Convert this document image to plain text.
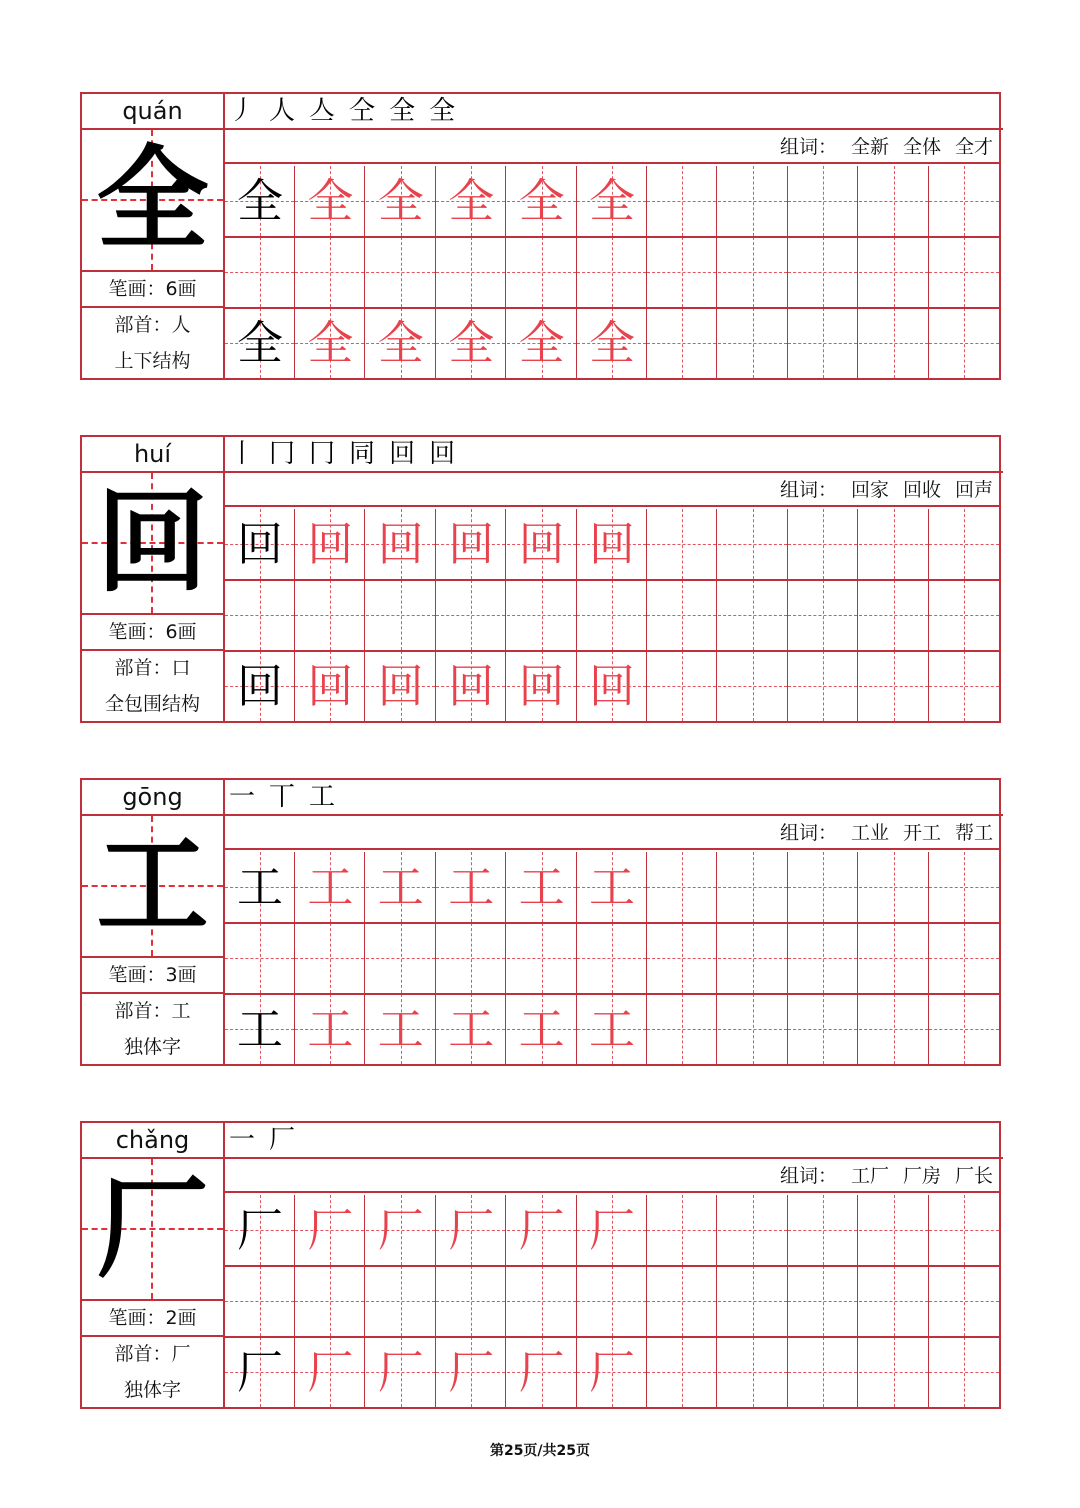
quán
全
笔画：6画
部首：人
上下结构
丿 人 亼 仝 全 全
组词： 全新 全体 全才
全 全 全 全 全 全
全 全 全 全 全 全
huí
回
笔画：6画
部首：口
全包围结构
丨 冂 冂 同 回 回
组词： 回家 回收 回声
回 回 回 回 回 回
回 回 回 回 回 回
gōng
工
笔画：3画
部首：工
独体字
一 丅 工
组词： 工业 开工 帮工
工 工 工 工 工 工
工 工 工 工 工 工
chǎng
厂
笔画：2画
部首：厂
独体字
一 厂
组词： 工厂 厂房 厂长
厂 厂 厂 厂 厂 厂
厂 厂 厂 厂 厂 厂
第25页/共25页
